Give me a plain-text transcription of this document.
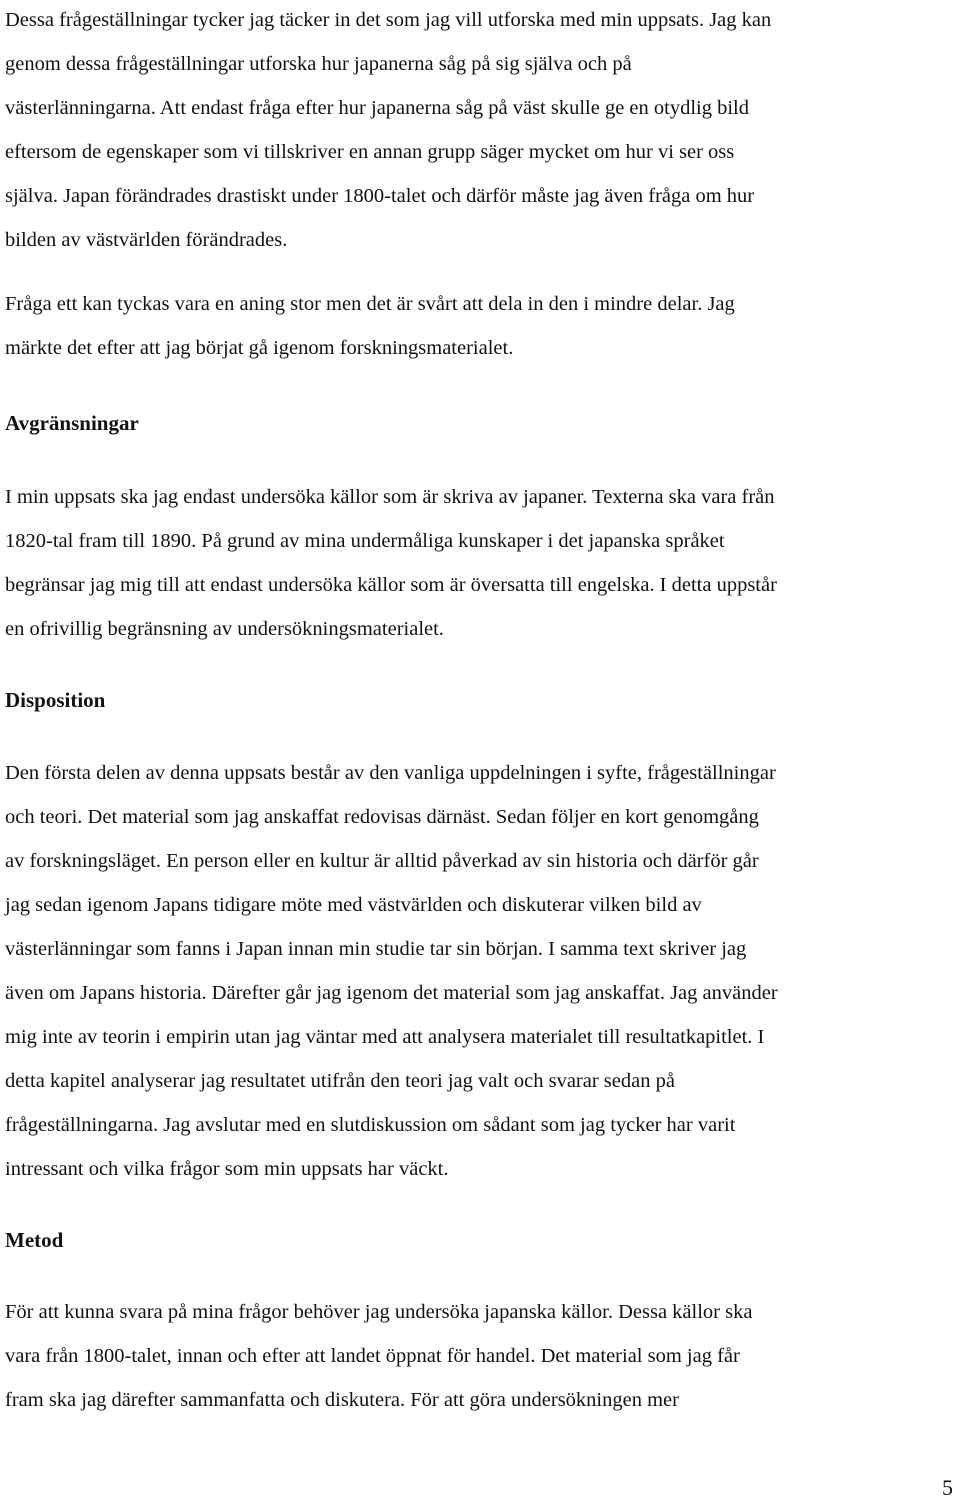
Dessa frågeställningar tycker jag täcker in det som jag vill utforska med min uppsats. Jag kan
genom dessa frågeställningar utforska hur japanerna såg på sig själva och på
västerlänningarna. Att endast fråga efter hur japanerna såg på väst skulle ge en otydlig bild
eftersom de egenskaper som vi tillskriver en annan grupp säger mycket om hur vi ser oss
själva. Japan förändrades drastiskt under 1800-talet och därför måste jag även fråga om hur
bilden av västvärlden förändrades.

Fråga ett kan tyckas vara en aning stor men det är svårt att dela in den i mindre delar. Jag
märkte det efter att jag börjat gå igenom forskningsmaterialet.

Avgränsningar

I min uppsats ska jag endast undersöka källor som är skriva av japaner. Texterna ska vara från
1820-tal fram till 1890. På grund av mina undermåliga kunskaper i det japanska språket
begränsar jag mig till att endast undersöka källor som är översatta till engelska. I detta uppstår
en ofrivillig begränsning av undersökningsmaterialet.

Disposition

Den första delen av denna uppsats består av den vanliga uppdelningen i syfte, frågeställningar
och teori. Det material som jag anskaffat redovisas därnäst. Sedan följer en kort genomgång
av forskningsläget. En person eller en kultur är alltid påverkad av sin historia och därför går
jag sedan igenom Japans tidigare möte med västvärlden och diskuterar vilken bild av
västerlänningar som fanns i Japan innan min studie tar sin början. I samma text skriver jag
även om Japans historia. Därefter går jag igenom det material som jag anskaffat. Jag använder
mig inte av teorin i empirin utan jag väntar med att analysera materialet till resultatkapitlet. I
detta kapitel analyserar jag resultatet utifrån den teori jag valt och svarar sedan på
frågeställningarna. Jag avslutar med en slutdiskussion om sådant som jag tycker har varit
intressant och vilka frågor som min uppsats har väckt.

Metod

För att kunna svara på mina frågor behöver jag undersöka japanska källor. Dessa källor ska
vara från 1800-talet, innan och efter att landet öppnat för handel. Det material som jag får
fram ska jag därefter sammanfatta och diskutera. För att göra undersökningen mer

5
